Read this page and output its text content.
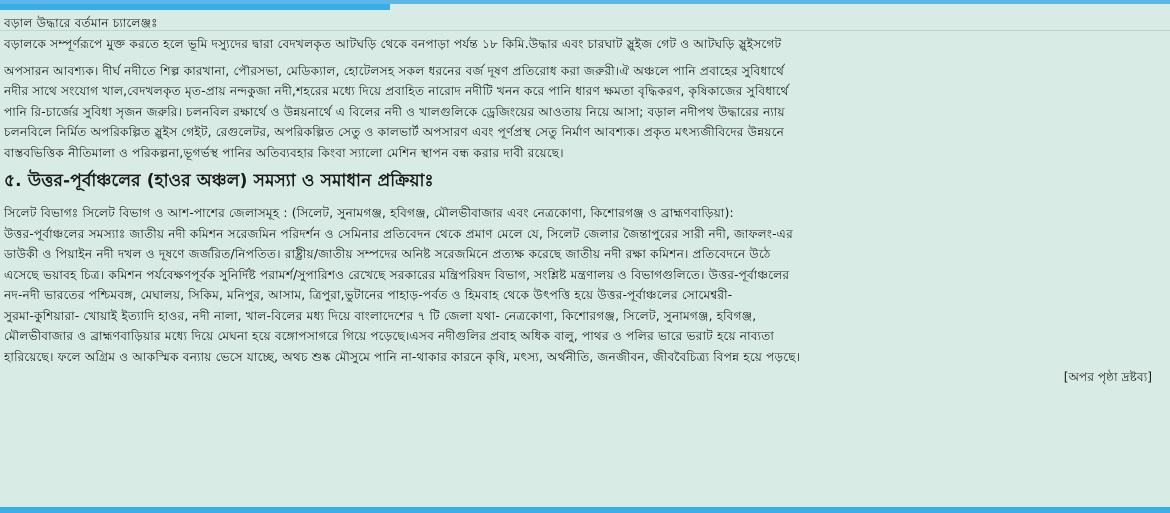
বড়াল উদ্ধারে বর্তমান চ্যালেঞ্জঃ
বড়ালকে সম্পূর্ণরূপে মুক্ত করতে হলে ভূমি দস্যুদের দ্বারা বেদখলকৃত আটঘড়ি থেকে বনপাড়া পর্যন্ত ১৮ কিমি.উদ্ধার এবং চারঘাট স্লুইজ গেট ও আটঘড়ি স্লুইসগেট
অপসারন আবশ্যক। দীর্ঘ নদীতে শিল্প কারখানা, পৌরসভা, মেডিক্যাল, হোটেলসহ সকল ধরনের বর্জ দূষণ প্রতিরোধ করা জরুরী।ঐ অঞ্চলে পানি প্রবাহের সুবিধার্থে
নদীর সাথে সংযোগ খাল,বেদখলকৃত মৃত-প্রায় নন্দকুজা নদী,শহরের মধ্যে দিয়ে প্রবাহিত নারোদ নদীটি খনন করে পানি ধারণ ক্ষমতা বৃদ্ধিকরণ, কৃষিকাজের সুবিধার্থে
পানি রি-চার্জের সুবিধা সৃজন জরুরি। চলনবিল রক্ষার্থে ও উন্নয়নার্থে এ বিলের নদী ও খালগুলিকে ড্রেজিংয়ের আওতায় নিয়ে আসা; বড়াল নদীপথ উদ্ধারের ন্যায়
চলনবিলে নির্মিত অপরিকল্পিত স্লুইস গেইট, রেগুলেটর, অপরিকল্পিত সেতু ও কালভার্ট অপসারণ এবং পূর্ণপ্রস্থ সেতু নির্মাণ আবশ্যক। প্রকৃত মৎস্যজীবিদের উন্নয়নে
বাস্তবভিত্তিক নীতিমালা ও পরিকল্পনা,ভূগর্ভস্থ পানির অতিব্যবহার কিংবা স্যালো মেশিন স্থাপন বন্ধ করার দাবী রয়েছে।
৫. উত্তর-পূর্বাঞ্চলের (হাওর অঞ্চল) সমস্যা ও সমাধান প্রক্রিয়াঃ
সিলেট বিভাগঃ সিলেট বিভাগ ও আশ-পাশের জেলাসমূহ : (সিলেট, সুনামগঞ্জ, হবিগঞ্জ, মৌলভীবাজার এবং নেত্রকোণা, কিশোরগঞ্জ ও ব্রাহ্মণবাড়িয়া):
উত্তর-পূর্বাঞ্চলের সমস্যাঃ জাতীয় নদী কমিশন সরেজমিন পরিদর্শন ও সেমিনার প্রতিবেদন থেকে প্রমাণ মেলে যে, সিলেট জেলার জৈন্তাপুরের সারী নদী, জাফলং-এর
ডাউকী ও পিয়াইন নদী দখল ও দূষণে জর্জরিত/নিপতিত। রাষ্ট্রীয়/জাতীয় সম্পদের অনিষ্ট সরেজমিনে প্রত্যক্ষ করেছে জাতীয় নদী রক্ষা কমিশন। প্রতিবেদনে উঠে
এসেছে ভয়াবহ চিত্র। কমিশন পর্যবেক্ষণপূর্বক সুনির্দিষ্ট পরামর্শ/সুপারিশও রেখেছে সরকারের মন্ত্রিপরিষদ বিভাগ, সংশ্লিষ্ট মন্ত্রণালয় ও বিভাগগুলিতে। উত্তর-পূর্বাঞ্চলের
নদ-নদী ভারতের পশ্চিমবঙ্গ, মেঘালয়, সিকিম, মনিপুর, আসাম, ত্রিপুরা,ভুটানের পাহাড়-পর্বত ও হিমবাহ থেকে উৎপত্তি হয়ে উত্তর-পূর্বাঞ্চলের সোমেশ্বরী-
সুরমা-কুশিয়ারা- খোয়াই ইত্যাদি হাওর, নদী নালা, খাল-বিলের মধ্য দিয়ে বাংলাদেশের ৭ টি জেলা যথা- নেত্রকোণা, কিশোরগঞ্জ, সিলেট, সুনামগঞ্জ, হবিগঞ্জ,
মৌলভীবাজার ও ব্রাহ্মণবাড়িয়ার মধ্যে দিয়ে মেঘনা হয়ে বঙ্গোপসাগরে গিয়ে পড়েছে।এসব নদীগুলির প্রবাহ অধিক বালু, পাথর ও পলির ভারে ভরাট হয়ে নাব্যতা
হারিয়েছে। ফলে অগ্রিম ও আকস্মিক বন্যায় ভেসে যাচ্ছে, অথচ শুষ্ক মৌসুমে পানি না-থাকার কারনে কৃষি, মৎস্য, অর্থনীতি, জনজীবন, জীববৈচিত্র্য বিপন্ন হয়ে পড়ছে।
[অপর পৃষ্ঠা দ্রষ্টব্য]
